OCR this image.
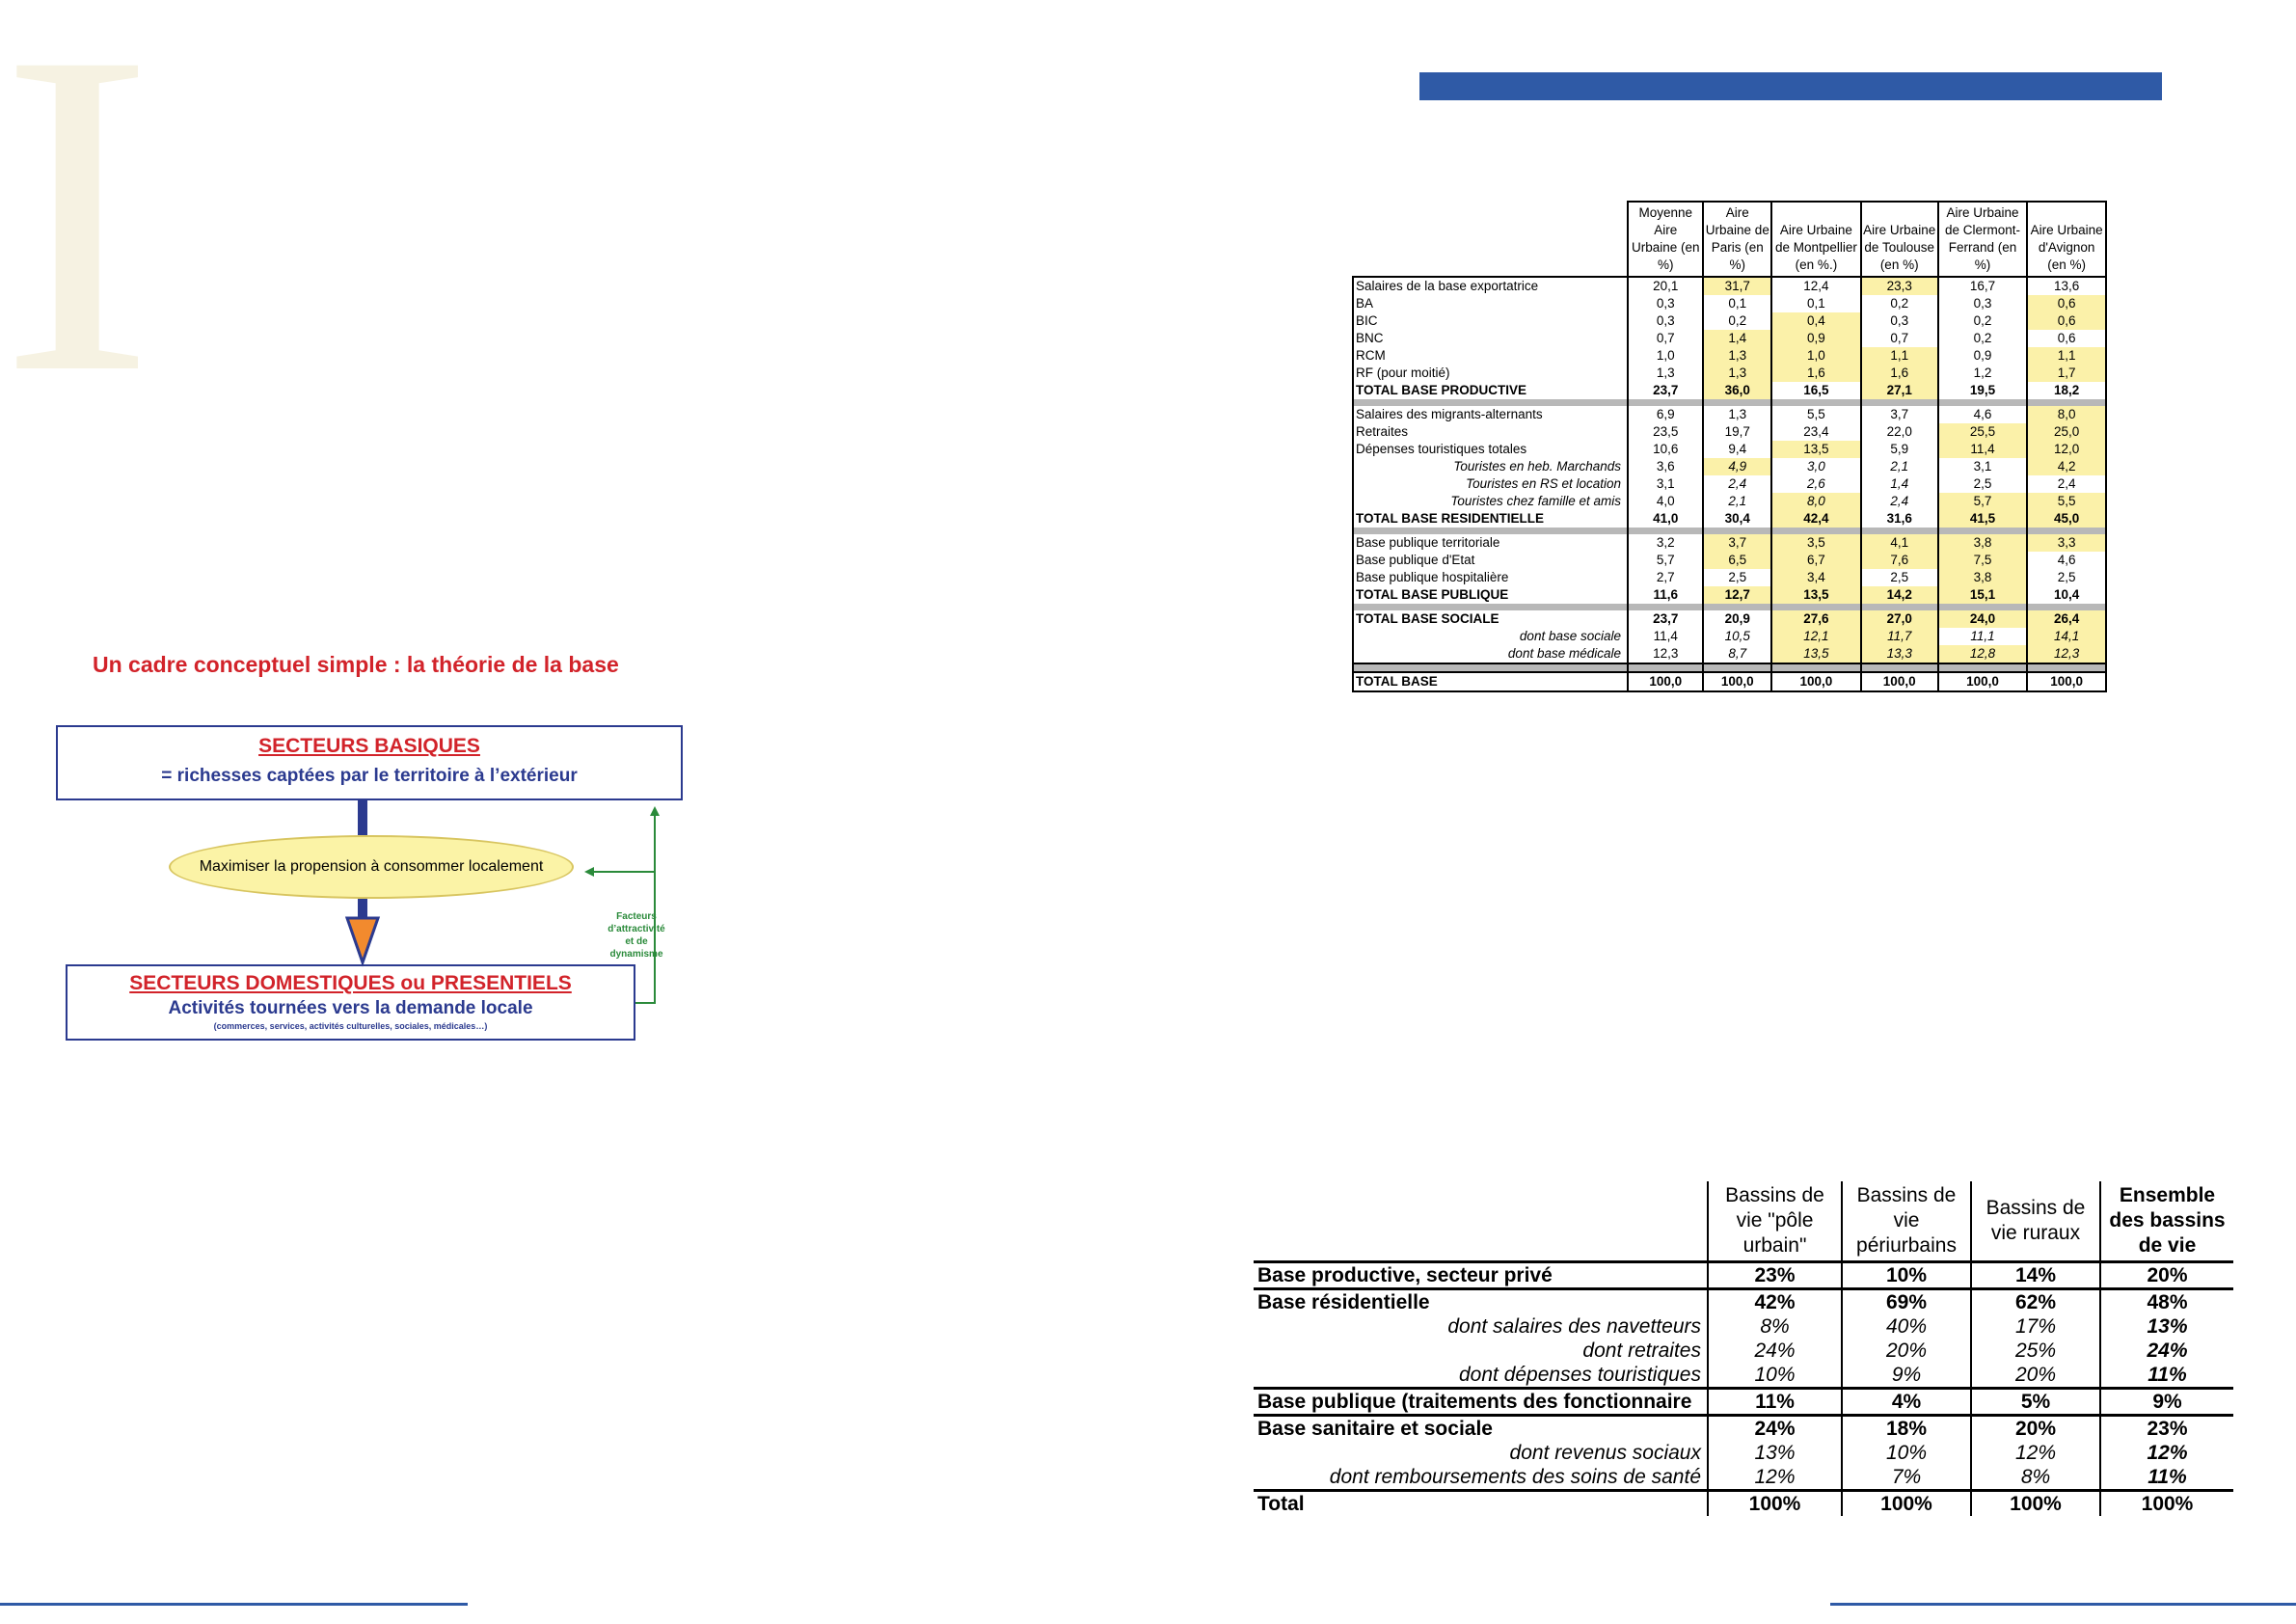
I
Un cadre conceptuel simple : la théorie de la base
SECTEURS BASIQUES
= richesses captées par le territoire à l’extérieur
Maximiser la propension à consommer localement
Facteurs d’attractivité et de dynamisme
SECTEURS DOMESTIQUES ou PRESENTIELS
Activités tournées vers la demande locale
(commerces, services, activités culturelles, sociales, médicales…)
	Moyenne Aire Urbaine (en %)	Aire Urbaine de Paris (en %)	Aire Urbaine de Montpellier (en %.)	Aire Urbaine de Toulouse (en %)	Aire Urbaine de Clermont-Ferrand (en %)	Aire Urbaine d'Avignon (en %)
Salaires de la base exportatrice	20,1	31,7	12,4	23,3	16,7	13,6
BA	0,3	0,1	0,1	0,2	0,3	0,6
BIC	0,3	0,2	0,4	0,3	0,2	0,6
BNC	0,7	1,4	0,9	0,7	0,2	0,6
RCM	1,0	1,3	1,0	1,1	0,9	1,1
RF (pour moitié)	1,3	1,3	1,6	1,6	1,2	1,7
TOTAL BASE PRODUCTIVE	23,7	36,0	16,5	27,1	19,5	18,2

Salaires des migrants-alternants	6,9	1,3	5,5	3,7	4,6	8,0
Retraites	23,5	19,7	23,4	22,0	25,5	25,0
Dépenses touristiques totales	10,6	9,4	13,5	5,9	11,4	12,0
Touristes en heb. Marchands	3,6	4,9	3,0	2,1	3,1	4,2
Touristes en RS et location	3,1	2,4	2,6	1,4	2,5	2,4
Touristes chez famille et amis	4,0	2,1	8,0	2,4	5,7	5,5
TOTAL BASE RESIDENTIELLE	41,0	30,4	42,4	31,6	41,5	45,0

Base publique territoriale	3,2	3,7	3,5	4,1	3,8	3,3
Base publique d'Etat	5,7	6,5	6,7	7,6	7,5	4,6
Base publique hospitalière	2,7	2,5	3,4	2,5	3,8	2,5
TOTAL BASE PUBLIQUE	11,6	12,7	13,5	14,2	15,1	10,4

TOTAL BASE SOCIALE	23,7	20,9	27,6	27,0	24,0	26,4
dont base sociale	11,4	10,5	12,1	11,7	11,1	14,1
dont base médicale	12,3	8,7	13,5	13,3	12,8	12,3

TOTAL BASE	100,0	100,0	100,0	100,0	100,0	100,0
	Bassins de vie "pôle urbain"	Bassins de vie périurbains	Bassins de vie ruraux	Ensemble des bassins de vie
Base productive, secteur privé	23%	10%	14%	20%
Base résidentielle	42%	69%	62%	48%
dont salaires des navetteurs	8%	40%	17%	13%
dont retraites	24%	20%	25%	24%
dont dépenses touristiques	10%	9%	20%	11%
Base publique (traitements des fonctionnaire	11%	4%	5%	9%
Base sanitaire et sociale	24%	18%	20%	23%
dont revenus sociaux	13%	10%	12%	12%
dont remboursements des soins de santé	12%	7%	8%	11%
Total	100%	100%	100%	100%
